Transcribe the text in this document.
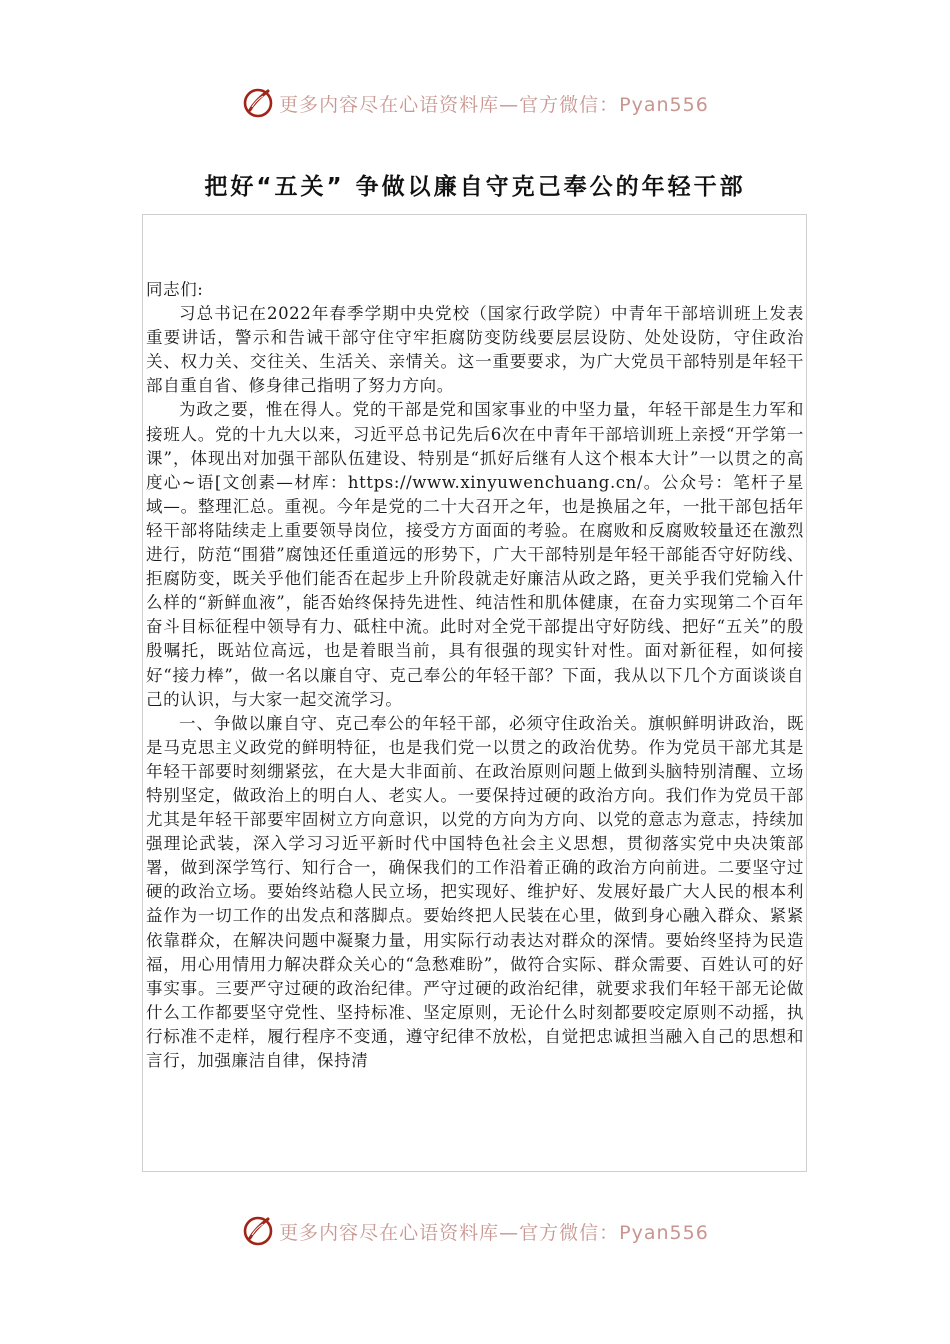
更多内容尽在心语资料库—官方微信：Pyan556
把好“五关” 争做以廉自守克己奉公的年轻干部

同志们:

习总书记在2022年春季学期中央党校（国家行政学院）中青年干部培训班上发表重要讲话，警示和告诫干部守住守牢拒腐防变防线要层层设防、处处设防，守住政治关、权力关、交往关、生活关、亲情关。这一重要要求，为广大党员干部特别是年轻干部自重自省、修身律己指明了努力方向。

为政之要，惟在得人。党的干部是党和国家事业的中坚力量，年轻干部是生力军和接班人。党的十九大以来，习近平总书记先后6次在中青年干部培训班上亲授“开学第一课”，体现出对加强干部队伍建设、特别是“抓好后继有人这个根本大计”一以贯之的高度心~语[文创素—材库：https://www.xinyuwenchuang.cn/。公众号：笔杆子星域—。整理汇总。重视。今年是党的二十大召开之年，也是换届之年，一批干部包括年轻干部将陆续走上重要领导岗位，接受方方面面的考验。在腐败和反腐败较量还在激烈进行，防范“围猎”腐蚀还任重道远的形势下，广大干部特别是年轻干部能否守好防线、拒腐防变，既关乎他们能否在起步上升阶段就走好廉洁从政之路，更关乎我们党输入什么样的“新鲜血液”，能否始终保持先进性、纯洁性和肌体健康，在奋力实现第二个百年奋斗目标征程中领导有力、砥柱中流。此时对全党干部提出守好防线、把好“五关”的殷殷嘱托，既站位高远，也是着眼当前，具有很强的现实针对性。面对新征程，如何接好“接力棒”，做一名以廉自守、克己奉公的年轻干部？下面，我从以下几个方面谈谈自己的认识，与大家一起交流学习。

一、争做以廉自守、克己奉公的年轻干部，必须守住政治关。旗帜鲜明讲政治，既是马克思主义政党的鲜明特征，也是我们党一以贯之的政治优势。作为党员干部尤其是年轻干部要时刻绷紧弦，在大是大非面前、在政治原则问题上做到头脑特别清醒、立场特别坚定，做政治上的明白人、老实人。一要保持过硬的政治方向。我们作为党员干部尤其是年轻干部要牢固树立方向意识，以党的方向为方向、以党的意志为意志，持续加强理论武装，深入学习习近平新时代中国特色社会主义思想，贯彻落实党中央决策部署，做到深学笃行、知行合一，确保我们的工作沿着正确的政治方向前进。二要坚守过硬的政治立场。要始终站稳人民立场，把实现好、维护好、发展好最广大人民的根本利益作为一切工作的出发点和落脚点。要始终把人民装在心里，做到身心融入群众、紧紧依靠群众，在解决问题中凝聚力量，用实际行动表达对群众的深情。要始终坚持为民造福，用心用情用力解决群众关心的“急愁难盼”，做符合实际、群众需要、百姓认可的好事实事。三要严守过硬的政治纪律。严守过硬的政治纪律，就要求我们年轻干部无论做什么工作都要坚守党性、坚持标准、坚定原则，无论什么时刻都要咬定原则不动摇，执行标准不走样，履行程序不变通，遵守纪律不放松，自觉把忠诚担当融入自己的思想和言行，加强廉洁自律，保持清

更多内容尽在心语资料库—官方微信：Pyan556
